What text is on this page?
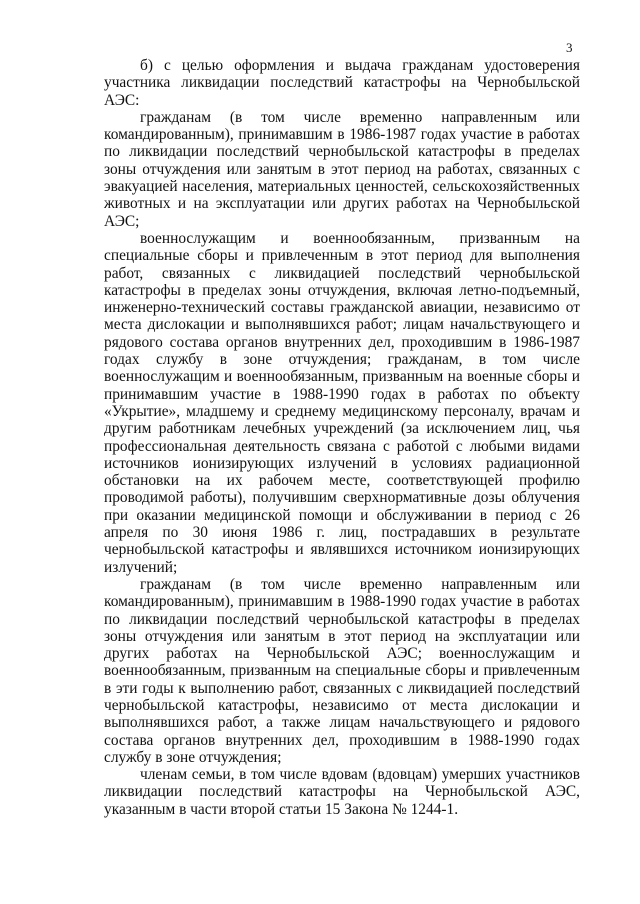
3

б) с целью оформления и выдача гражданам удостоверения участника ликвидации последствий катастрофы на Чернобыльской АЭС:

гражданам (в том числе временно направленным или командированным), принимавшим в 1986-1987 годах участие в работах по ликвидации последствий чернобыльской катастрофы в пределах зоны отчуждения или занятым в этот период на работах, связанных с эвакуацией населения, материальных ценностей, сельскохозяйственных животных и на эксплуатации или других работах на Чернобыльской АЭС;

военнослужащим и военнообязанным, призванным на специальные сборы и привлеченным в этот период для выполнения работ, связанных с ликвидацией последствий чернобыльской катастрофы в пределах зоны отчуждения, включая летно-подъемный, инженерно-технический составы гражданской авиации, независимо от места дислокации и выполнявшихся работ; лицам начальствующего и рядового состава органов внутренних дел, проходившим в 1986-1987 годах службу в зоне отчуждения; гражданам, в том числе военнослужащим и военнообязанным, призванным на военные сборы и принимавшим участие в 1988-1990 годах в работах по объекту «Укрытие», младшему и среднему медицинскому персоналу, врачам и другим работникам лечебных учреждений (за исключением лиц, чья профессиональная деятельность связана с работой с любыми видами источников ионизирующих излучений в условиях радиационной обстановки на их рабочем месте, соответствующей профилю проводимой работы), получившим сверхнормативные дозы облучения при оказании медицинской помощи и обслуживании в период с 26 апреля по 30 июня 1986 г. лиц, пострадавших в результате чернобыльской катастрофы и являвшихся источником ионизирующих излучений;

гражданам (в том числе временно направленным или командированным), принимавшим в 1988-1990 годах участие в работах по ликвидации последствий чернобыльской катастрофы в пределах зоны отчуждения или занятым в этот период на эксплуатации или других работах на Чернобыльской АЭС; военнослужащим и военнообязанным, призванным на специальные сборы и привлеченным в эти годы к выполнению работ, связанных с ликвидацией последствий чернобыльской катастрофы, независимо от места дислокации и выполнявшихся работ, а также лицам начальствующего и рядового состава органов внутренних дел, проходившим в 1988-1990 годах службу в зоне отчуждения;

членам семьи, в том числе вдовам (вдовцам) умерших участников ликвидации последствий катастрофы на Чернобыльской АЭС, указанным в части второй статьи 15 Закона № 1244-1.
